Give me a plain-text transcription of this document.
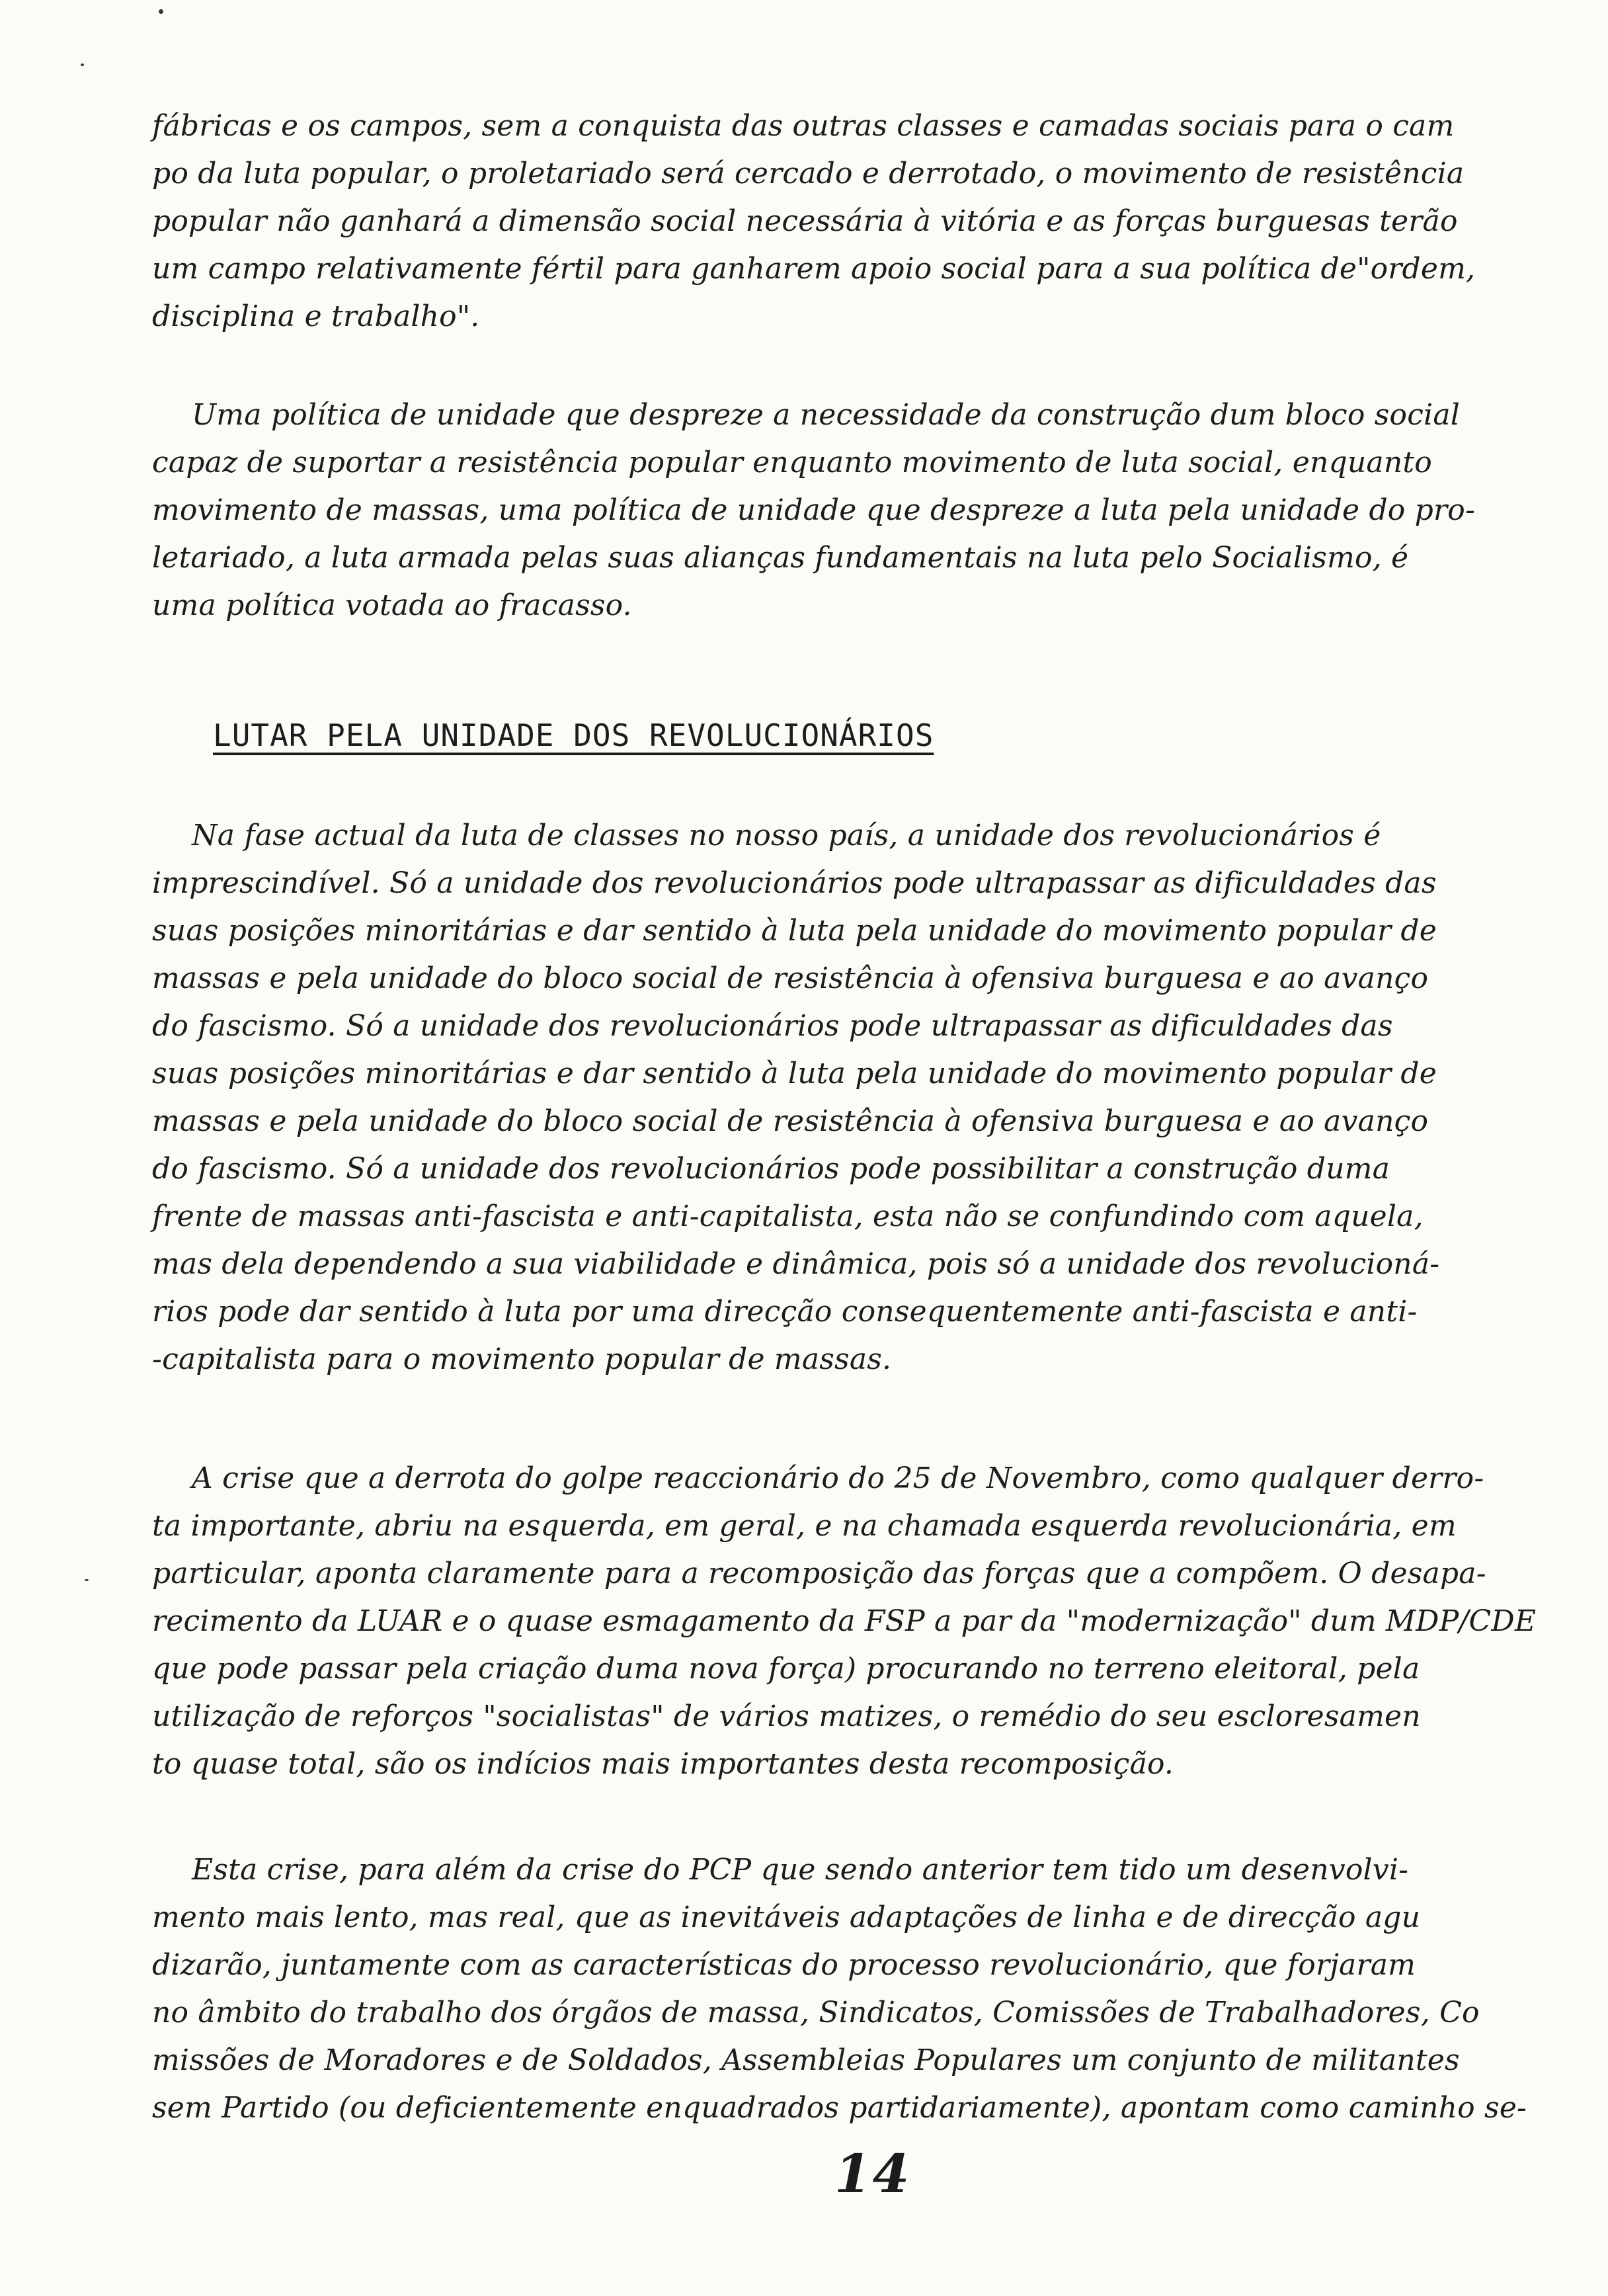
fábricas e os campos, sem a conquista das outras classes e camadas sociais para o cam
po da luta popular, o proletariado será cercado e derrotado, o movimento de resistência
popular não ganhará a dimensão social necessária à vitória e as forças burguesas terão
um campo relativamente fértil para ganharem apoio social para a sua política de"ordem,
disciplina e trabalho".
Uma política de unidade que despreze a necessidade da construção dum bloco social
capaz de suportar a resistência popular enquanto movimento de luta social, enquanto
movimento de massas, uma política de unidade que despreze a luta pela unidade do pro-
letariado, a luta armada pelas suas alianças fundamentais na luta pelo Socialismo, é
uma política votada ao fracasso.
LUTAR PELA UNIDADE DOS REVOLUCIONÁRIOS
Na fase actual da luta de classes no nosso país, a unidade dos revolucionários é
imprescindível. Só a unidade dos revolucionários pode ultrapassar as dificuldades das
suas posições minoritárias e dar sentido à luta pela unidade do movimento popular de
massas e pela unidade do bloco social de resistência à ofensiva burguesa e ao avanço
do fascismo. Só a unidade dos revolucionários pode ultrapassar as dificuldades das
suas posições minoritárias e dar sentido à luta pela unidade do movimento popular de
massas e pela unidade do bloco social de resistência à ofensiva burguesa e ao avanço
do fascismo. Só a unidade dos revolucionários pode possibilitar a construção duma
frente de massas anti-fascista e anti-capitalista, esta não se confundindo com aquela,
mas dela dependendo a sua viabilidade e dinâmica, pois só a unidade dos revolucioná-
rios pode dar sentido à luta por uma direcção consequentemente anti-fascista e anti-
-capitalista para o movimento popular de massas.
A crise que a derrota do golpe reaccionário do 25 de Novembro, como qualquer derro-
ta importante, abriu na esquerda, em geral, e na chamada esquerda revolucionária, em
particular, aponta claramente para a recomposição das forças que a compõem. O desapa-
recimento da LUAR e o quase esmagamento da FSP a par da "modernização" dum MDP/CDE
que pode passar pela criação duma nova força) procurando no terreno eleitoral, pela
utilização de reforços "socialistas" de vários matizes, o remédio do seu escloresamen
to quase total, são os indícios mais importantes desta recomposição.
Esta crise, para além da crise do PCP que sendo anterior tem tido um desenvolvi-
mento mais lento, mas real, que as inevitáveis adaptações de linha e de direcção agu
dizarão, juntamente com as características do processo revolucionário, que forjaram
no âmbito do trabalho dos órgãos de massa, Sindicatos, Comissões de Trabalhadores, Co
missões de Moradores e de Soldados, Assembleias Populares um conjunto de militantes
sem Partido (ou deficientemente enquadrados partidariamente), apontam como caminho se-
14
